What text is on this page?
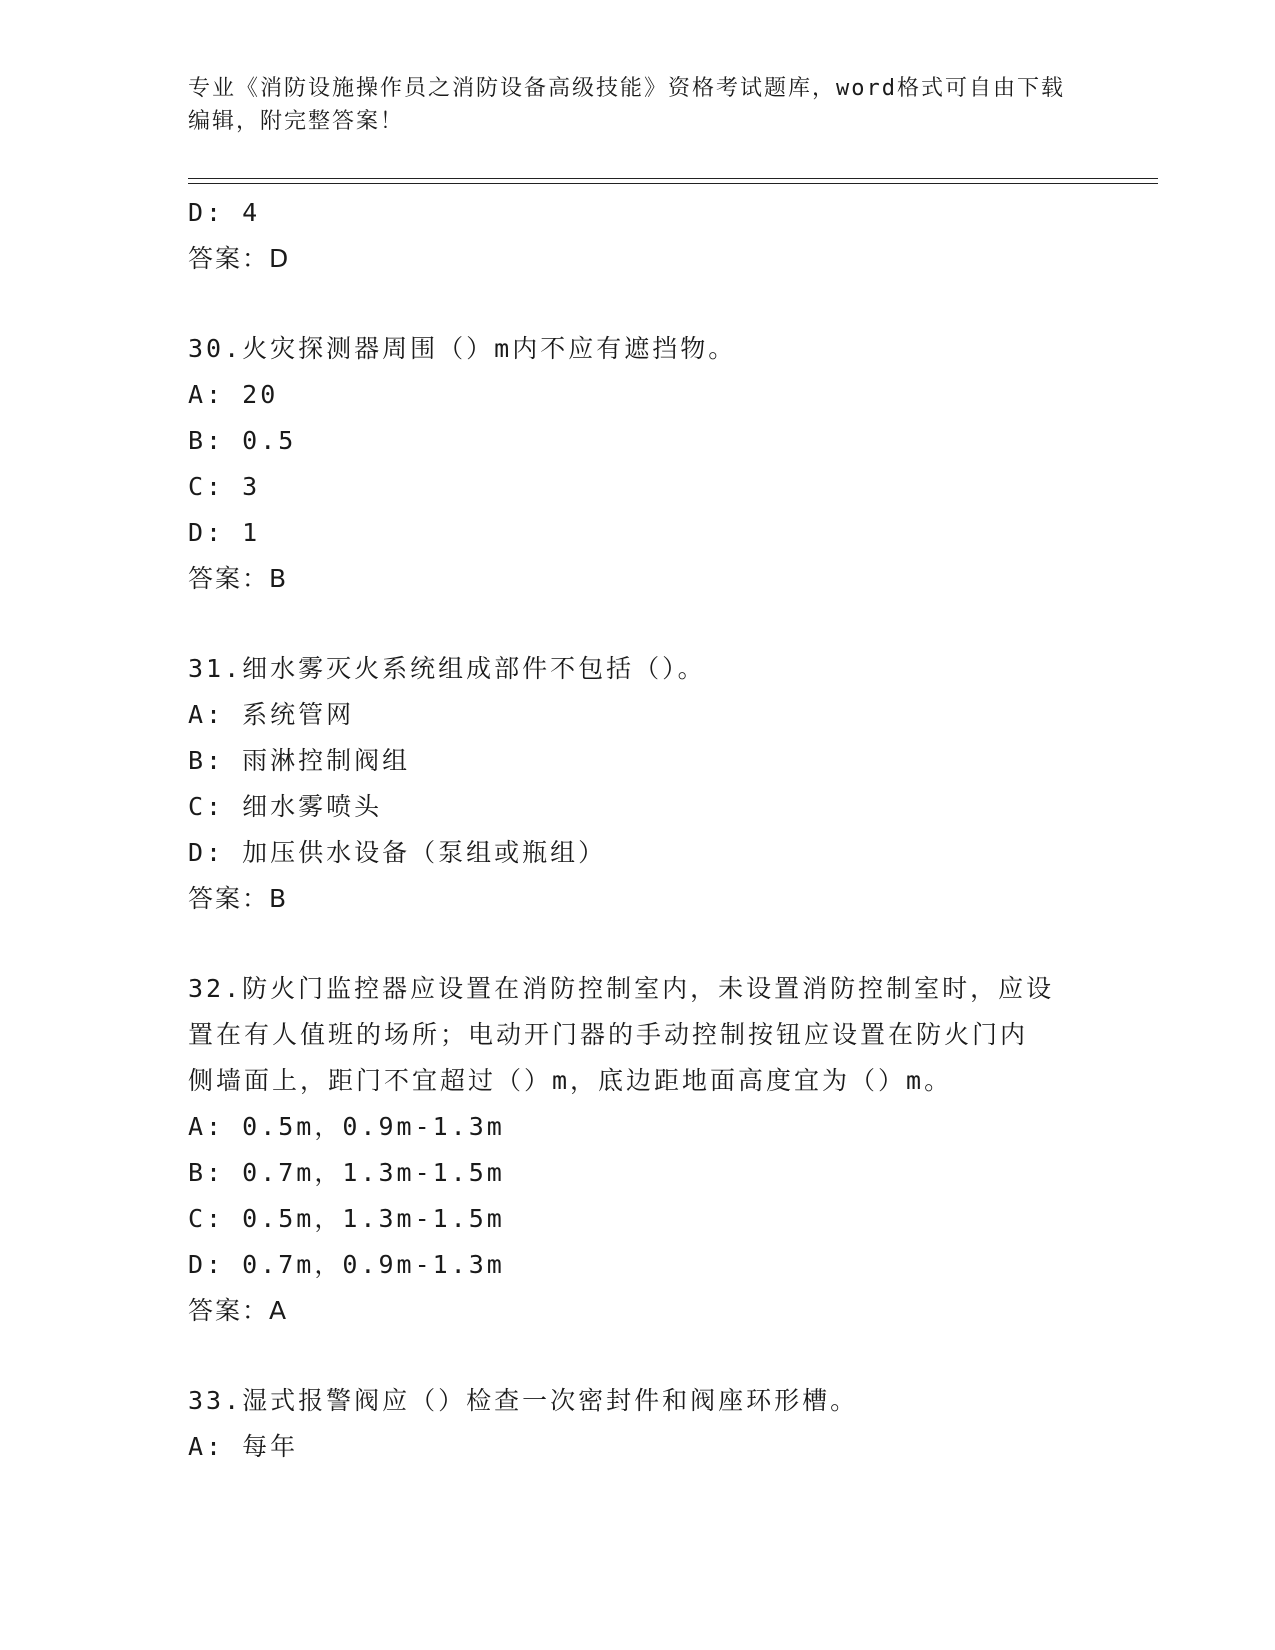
专业《消防设施操作员之消防设备高级技能》资格考试题库，word格式可自由下载编辑，附完整答案！
D: 4
答案：D
30.火灾探测器周围（）m内不应有遮挡物。
A: 20
B: 0.5
C: 3
D: 1
答案：B
31.细水雾灭火系统组成部件不包括（）。
A: 系统管网
B: 雨淋控制阀组
C: 细水雾喷头
D: 加压供水设备（泵组或瓶组）
答案：B
32.防火门监控器应设置在消防控制室内，未设置消防控制室时，应设
置在有人值班的场所；电动开门器的手动控制按钮应设置在防火门内
侧墙面上，距门不宜超过（）m，底边距地面高度宜为（）m。
A: 0.5m，0.9m-1.3m
B: 0.7m，1.3m-1.5m
C: 0.5m，1.3m-1.5m
D: 0.7m，0.9m-1.3m
答案：A
33.湿式报警阀应（）检查一次密封件和阀座环形槽。
A: 每年
